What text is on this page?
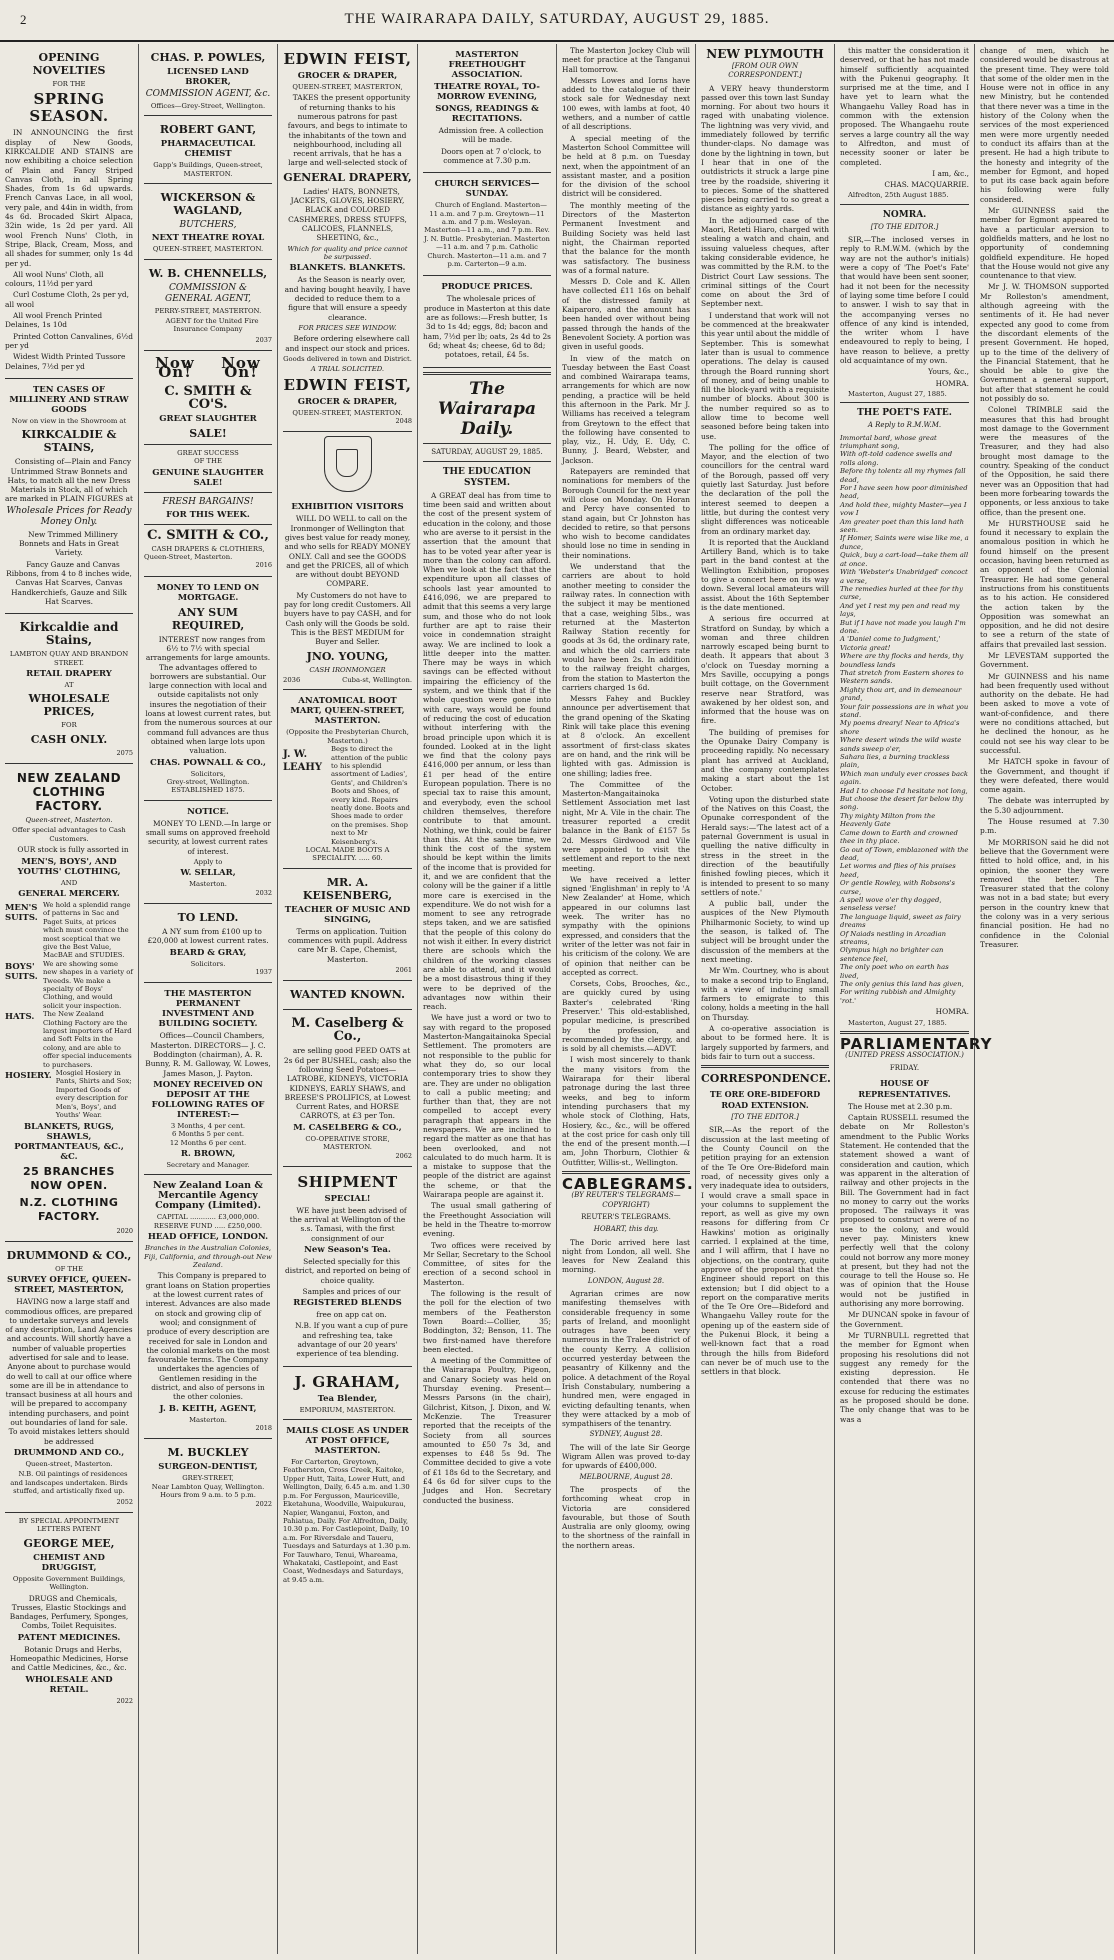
2	THE WAIRARAPA DAILY, SATURDAY, AUGUST 29, 1885.
OPENING NOVELTIES
FOR THE
SPRING SEASON.
IN ANNOUNCING the first display of New Goods, KIRKCALDIE AND STAINS are now exhibiting a choice selection of Plain and Fancy Striped Canvas Cloth, in all Spring Shades, from 1s 6d upwards. French Canvas Lace, in all wool, very pale, and 44in in width, from 4s 6d. Brocaded Skirt Alpaca, 32in wide, 1s 2d per yard. All wool French Nuns' Cloth, in Stripe, Black, Cream, Moss, and all shades for summer, only 1s 4d per yd.
All wool Nuns' Cloth, all colours, 11½d per yard
Curl Costume Cloth, 2s per yd, all wool
All wool French Printed Delaines, 1s 10d
Printed Cotton Canvalines, 6½d per yd
Widest Width Printed Tussore Delaines, 7½d per yd
TEN CASES OF MILLINERY AND STRAW GOODS
Now on view in the Showroom at
KIRKCALDIE & STAINS,
Consisting of—Plain and Fancy Untrimmed Straw Bonnets and Hats, to match all the new Dress Materials in Stock, all of which are marked in PLAIN FIGURES at
Wholesale Prices for Ready Money Only.
New Trimmed Millinery Bonnets and Hats in Great Variety.
Fancy Gauze and Canvas Ribbons, from 4 to 8 inches wide, Canvas Hat Scarves, Canvas Handkerchiefs, Gauze and Silk Hat Scarves.
Kirkcaldie and Stains,
LAMBTON QUAY AND BRANDON STREET.
RETAIL DRAPERY
AT
WHOLESALE PRICES,
FOR
CASH ONLY.
2075
NEW ZEALAND CLOTHING FACTORY.
Queen-street, Masterton.
Offer special advantages to Cash Customers.
OUR stock is fully assorted in
MEN'S, BOYS', AND YOUTHS' CLOTHING,
AND
GENERAL MERCERY.
MEN'S SUITS.
We hold a splendid range of patterns in Sac and Paget Suits, at prices which must convince the most sceptical that we give the Best Value, MacBAE and STUDIES.
BOYS' SUITS.
We are showing some new shapes in a variety of Tweeds. We make a specialty of Boys' Clothing, and would solicit your inspection.
HATS.	The New Zealand Clothing Factory are the largest importers of Hard and Soft Felts in the colony, and are able to offer special inducements to purchasers.
HOSIERY. Mosgiel Hosiery in Pants, Shirts and Sox; Imported Goods of every description for Men's, Boys', and Youths' Wear.
BLANKETS, RUGS, SHAWLS, PORTMANTEAUS, &C., &C.
25 BRANCHES NOW OPEN.
N.Z. CLOTHING FACTORY.
2020
DRUMMOND & CO.,
OF THE
SURVEY OFFICE, QUEEN-STREET, MASTERTON,
HAVING now a large staff and commodious offices, are prepared to undertake surveys and levels of any description, Land Agencies and accounts. Will shortly have a number of valuable properties advertised for sale and to lease. Anyone about to purchase would do well to call at our office where some are ill be in attendance to transact business at all hours and will be prepared to accompany intending purchasers, and point out boundaries of land for sale. To avoid mistakes letters should be addressed
DRUMMOND AND CO.,
Queen-street, Masterton.
N.B. Oil paintings of residences and landscapes undertaken. Birds stuffed, and artistically fixed up.
2052
BY SPECIAL APPOINTMENT LETTERS PATENT
GEORGE MEE,
CHEMIST AND DRUGGIST,
Opposite Government Buildings, Wellington.
DRUGS and Chemicals, Trusses, Elastic Stockings and Bandages, Perfumery, Sponges, Combs, Toilet Requisites.
PATENT MEDICINES.
Botanic Drugs and Herbs, Homeopathic Medicines, Horse and Cattle Medicines, &c., &c.
WHOLESALE AND RETAIL.
2022
CHAS. P. POWLES,
LICENSED LAND BROKER,
COMMISSION AGENT, &c.
Offices—Grey-Street, Wellington.
ROBERT GANT,
PHARMACEUTICAL CHEMIST
Gapp's Buildings, Queen-street,
MASTERTON.
WICKERSON & WAGLAND,
BUTCHERS,
NEXT THEATRE ROYAL
QUEEN-STREET, MASTERTON.
W. B. CHENNELLS,
COMMISSION & GENERAL AGENT,
PERRY-STREET, MASTERTON.
AGENT for the United Fire Insurance Company
2037
Now On!
Now On!
C. SMITH & CO'S.
GREAT SLAUGHTER
SALE!
GREAT SUCCESS
OF THE
GENUINE SLAUGHTER SALE!
FRESH BARGAINS!
FOR THIS WEEK.
C. SMITH & CO.,
CASH DRAPERS & CLOTHIERS,
Queen-Street, Masterton.
2016
MONEY TO LEND ON MORTGAGE.
ANY SUM REQUIRED,
INTEREST now ranges from 6½ to 7½ with special arrangements for large amounts. The advantages offered to borrowers are substantial. Our large connection with local and outside capitalists not only insures the negotiation of their loans at lowest current rates, but from the numerous sources at our command full advances are thus obtained when large lots upon valuation.
CHAS. POWNALL & CO.,
Solicitors,
Grey-street, Wellington.
ESTABLISHED 1875.
NOTICE.
MONEY TO LEND.—In large or small sums on approved freehold security, at lowest current rates of interest.
Apply to
W. SELLAR,
Masterton.
2032
TO LEND.
A NY sum from £100 up to £20,000 at lowest current rates.
BEARD & GRAY,
Solicitors.
1937
THE MASTERTON PERMANENT INVESTMENT AND BUILDING SOCIETY.
Offices—Council Chambers, Masterton. DIRECTORS— J. C. Boddington (chairman), A. R. Bunny, R. M. Galloway, W. Lowes, James Mason, J. Payton.
MONEY RECEIVED ON DEPOSIT AT THE FOLLOWING RATES OF INTEREST:—
3 Months, 4 per cent.
6 Months 5 per cent.
12 Months 6 per cent.
R. BROWN,
Secretary and Manager.
New Zealand Loan & Mercantile Agency Company (Limited).
CAPITAL ............ £3,000,000.
RESERVE FUND ..... £250,000.
HEAD OFFICE, LONDON.
Branches in the Australian Colonies, Fiji, California, and through-out New Zealand.
This Company is prepared to grant loans on Station properties at the lowest current rates of interest. Advances are also made on stock and growing clip of wool; and consignment of produce of every description are received for sale in London and the colonial markets on the most favourable terms. The Company undertakes the agencies of Gentlemen residing in the district, and also of persons in the other colonies.
J. B. KEITH, AGENT,
Masterton.
2018
M. BUCKLEY
SURGEON-DENTIST,
GREY-STREET,
Near Lambton Quay, Wellington. Hours from 9 a.m. to 5 p.m.
2022
EDWIN FEIST,
GROCER & DRAPER,
QUEEN-STREET, MASTERTON,
TAKES the present opportunity of returning thanks to his numerous patrons for past favours, and begs to intimate to the inhabitants of the town and neighbourhood, including all recent arrivals, that he has a large and well-selected stock of
GENERAL DRAPERY,
Ladies' HATS, BONNETS, JACKETS, GLOVES, HOSIERY, BLACK and COLORED CASHMERES, DRESS STUFFS, CALICOES, FLANNELS, SHEETING, &c.,
Which for quality and price cannot be surpassed.
BLANKETS. BLANKETS.
As the Season is nearly over, and having bought heavily, I have decided to reduce them to a figure that will ensure a speedy clearance.
FOR PRICES SEE WINDOW.
Before ordering elsewhere call and inspect our stock and prices.
Goods delivered in town and District.
A TRIAL SOLICITED.
EDWIN FEIST,
GROCER & DRAPER,
QUEEN-STREET, MASTERTON.
2048
EXHIBITION VISITORS
WILL DO WELL to call on the Ironmonger of Wellington that gives best value for ready money, and who sells for READY MONEY ONLY. Call and see the GOODS and get the PRICES, all of which are without doubt BEYOND COMPARE.
My Customers do not have to pay for long credit Customers. All buyers have to pay CASH, and for Cash only will the Goods be sold. This is the BEST MEDIUM for Buyer and Seller.
JNO. YOUNG,
CASH IRONMONGER
2036	Cuba-st, Wellington.
ANATOMICAL BOOT MART, QUEEN-STREET, MASTERTON.
(Opposite the Presbyterian Church, Masterton.)
J. W. LEAHY
Begs to direct the attention of the public to his splendid assortment of Ladies', Gents', and Children's Boots and Shoes, of every kind. Repairs neatly done. Boots and Shoes made to order on the premises. Shop next to Mr Keisenberg's.
LOCAL MADE BOOTS A SPECIALITY. ..... 60.
MR. A. KEISENBERG,
TEACHER OF MUSIC AND SINGING,
Terms on application. Tuition commences with pupil. Address care Mr B. Cape, Chemist, Masterton.
2061
WANTED KNOWN.
M. Caselberg & Co.,
are selling good FEED OATS at 2s 6d per BUSHEL, cash; also the following Seed Potatoes—LATROBE, KIDNEYS, VICTORIA KIDNEYS, EARLY SHAWS, and BREESE'S PROLIFICS, at Lowest Current Rates, and HORSE CARROTS, at £3 per Ton.
M. CASELBERG & CO.,
CO-OPERATIVE STORE,
MASTERTON.
2062
SHIPMENT
SPECIAL!
WE have just been advised of the arrival at Wellington of the s.s. Tamasi, with the first consignment of our
New Season's Tea.
Selected specially for this district, and reported on being of choice quality.
Samples and prices of our
REGISTERED BLENDS
free on app cat on.
N.B. If you want a cup of pure and refreshing tea, take advantage of our 20 years' experience of tea blending.
J. GRAHAM,
Tea Blender,
EMPORIUM, MASTERTON.
MAILS CLOSE AS UNDER AT POST OFFICE, MASTERTON.
For Carterton, Greytown, Featherston, Cross Creek, Kaitoke, Upper Hutt, Taita, Lower Hutt, and Wellington, Daily, 6.45 a.m. and 1.30 p.m. For Fergusson, Mauriceville, Eketahuna, Woodville, Waipukurau, Napier, Wanganui, Foxton, and Pahiatua, Daily. For Alfredton, Daily, 10.30 p.m. For Castlepoint, Daily, 10 a.m. For Riversdale and Taueru, Tuesdays and Saturdays at 1.30 p.m. For Tauwharo, Tenui, Whareama, Whakataki, Castlepoint, and East Coast, Wednesdays and Saturdays, at 9.45 a.m.
MASTERTON FREETHOUGHT ASSOCIATION.
THEATRE ROYAL, TO-MORROW EVENING,
SONGS, READINGS & RECITATIONS.
Admission free. A collection will be made.
Doors open at 7 o'clock, to commence at 7.30 p.m.
CHURCH SERVICES—SUNDAY.
Church of England. Masterton—11 a.m. and 7 p.m. Greytown—11 a.m. and 7 p.m. Wesleyan. Masterton—11 a.m., and 7 p.m. Rev. J. N. Buttle. Presbyterian. Masterton—11 a.m. and 7 p.m. Catholic Church. Masterton—11 a.m. and 7 p.m. Carterton—9 a.m.
PRODUCE PRICES.
The wholesale prices of produce in Masterton at this date are as follows:—Fresh butter, 1s 3d to 1s 4d; eggs, 8d; bacon and ham, 7½d per lb; oats, 2s 4d to 2s 6d; wheat 4s; cheese, 6d to 8d; potatoes, retail, £4 5s.
The Wairarapa Daily.
SATURDAY, AUGUST 29, 1885.
THE EDUCATION SYSTEM.
A GREAT deal has from time to time been said and written about the cost of the present system of education in the colony, and those who are averse to it persist in the assertion that the amount that has to be voted year after year is more than the colony can afford. When we look at the fact that the expenditure upon all classes of schools last year amounted to £416,096, we are prepared to admit that this seems a very large sum, and those who do not look further are apt to raise their voice in condemnation straight away. We are inclined to look a little deeper into the matter. There may be ways in which savings can be effected without impairing the efficiency of the system, and we think that if the whole question were gone into with care, ways would be found of reducing the cost of education without interfering with the broad principle upon which it is founded. Looked at in the light we find that the colony pays £416,000 per annum, or less than £1 per head of the entire European population. There is no special tax to raise this amount, and everybody, even the school children themselves, therefore contribute to that amount. Nothing, we think, could be fairer than this. At the same time, we think the cost of the system should be kept within the limits of the income that is provided for it, and we are confident that the colony will be the gainer if a little more care is exercised in the expenditure. We do not wish for a moment to see any retrograde steps taken, and we are satisfied that the people of this colony do not wish it either. In every district there are schools which the children of the working classes are able to attend, and it would be a most disastrous thing if they were to be deprived of the advantages now within their reach.
We have just a word or two to say with regard to the proposed Masterton-Mangaitainoka Special Settlement. The promoters are not responsible to the public for what they do, so our local contemporary tries to show they are. They are under no obligation to call a public meeting; and further than that, they are not compelled to accept every paragraph that appears in the newspapers. We are inclined to regard the matter as one that has been overlooked, and not calculated to do much harm. It is a mistake to suppose that the people of the district are against the scheme, or that the Wairarapa people are against it.
The usual small gathering of the Freethought Association will be held in the Theatre to-morrow evening.
Two offices were received by Mr Sellar, Secretary to the School Committee, of sites for the erection of a second school in Masterton.
The following is the result of the poll for the election of two members of the Featherston Town Board:—Collier, 35; Boddington, 32; Benson, 11. The two first-named have therefore been elected.
A meeting of the Committee of the Wairarapa Poultry, Pigeon, and Canary Society was held on Thursday evening. Present—Messrs Parsons (in the chair), Gilchrist, Kitson, J. Dixon, and W. McKenzie. The Treasurer reported that the receipts of the Society from all sources amounted to £50 7s 3d, and expenses to £48 5s 9d. The Committee decided to give a vote of £1 18s 6d to the Secretary, and £4 6s 6d for silver cups to the Judges and Hon. Secretary conducted the business.
The Masterton Jockey Club will meet for practice at the Tanganui Hall tomorrow.
Messrs Lowes and Iorns have added to the catalogue of their stock sale for Wednesday next 100 ewes, with lambs at foot, 40 wethers, and a number of cattle of all descriptions.
A special meeting of the Masterton School Committee will be held at 8 p.m. on Tuesday next, when the appointment of an assistant master, and a position for the division of the school district will be considered.
The monthly meeting of the Directors of the Masterton Permanent Investment and Building Society was held last night, the Chairman reported that the balance for the month was satisfactory. The business was of a formal nature.
Messrs D. Cole and K. Allen have collected £11 16s on behalf of the distressed family at Kaiparoro, and the amount has been handed over without being passed through the hands of the Benevolent Society. A portion was given in useful goods.
In view of the match on Tuesday between the East Coast and combined Wairarapa teams, arrangements for which are now pending, a practice will be held this afternoon in the Park. Mr J. Williams has received a telegram from Greytown to the effect that the following have consented to play, viz., H. Udy, E. Udy, C. Bunny, J. Beard, Webster, and Jackson.
Ratepayers are reminded that nominations for members of the Borough Council for the next year will close on Monday. On Horan and Percy have consented to stand again, but Cr Johnston has decided to retire, so that persons who wish to become candidates should lose no time in sending in their nominations.
We understand that the carriers are about to hold another meeting to consider the railway rates. In connection with the subject it may be mentioned that a case, weighing 5lbs., was returned at the Masterton Railway Station recently for goods at 3s 6d, the ordinary rate, and which the old carriers rate would have been 2s. In addition to the railway freight charges, from the station to Masterton the carriers charged 1s 6d.
Messrs Fahey and Buckley announce per advertisement that the grand opening of the Skating Rink will take place this evening at 8 o'clock. An excellent assortment of first-class skates are on hand, and the rink will be lighted with gas. Admission is one shilling; ladies free.
The Committee of the Masterton-Mangaitainoka Settlement Association met last night, Mr A. Vile in the chair. The treasurer reported a credit balance in the Bank of £157 5s 2d. Messrs Girdwood and Vile were appointed to visit the settlement and report to the next meeting.
We have received a letter signed 'Englishman' in reply to 'A New Zealander' at Home, which appeared in our columns last week. The writer has no sympathy with the opinions expressed, and considers that the writer of the letter was not fair in his criticism of the colony. We are of opinion that neither can be accepted as correct.
Corsets, Cobs, Brooches, &c., are quickly cured by using Baxter's celebrated 'Ring Preserver.' This old-established, popular medicine, is prescribed by the profession, and recommended by the clergy, and is sold by all chemists.—ADVT.
I wish most sincerely to thank the many visitors from the Wairarapa for their liberal patronage during the last three weeks, and beg to inform intending purchasers that my whole stock of Clothing, Hats, Hosiery, &c., &c., will be offered at the cost price for cash only till the end of the present month.—I am, John Thorburn, Clothier & Outfitter, Willis-st., Wellington.
CABLEGRAMS.
(BY REUTER'S TELEGRAMS—COPYRIGHT)
REUTER'S TELEGRAMS.
HOBART, this day.
The Doric arrived here last night from London, all well. She leaves for New Zealand this morning.
LONDON, August 28.
Agrarian crimes are now manifesting themselves with considerable frequency in some parts of Ireland, and moonlight outrages have been very numerous in the Tralee district of the county Kerry. A collision occurred yesterday between the peasantry of Kilkenny and the police. A detachment of the Royal Irish Constabulary, numbering a hundred men, were engaged in evicting defaulting tenants, when they were attacked by a mob of sympathisers of the tenantry.
SYDNEY, August 28.
The will of the late Sir George Wigram Allen was proved to-day for upwards of £400,000.
MELBOURNE, August 28.
The prospects of the forthcoming wheat crop in Victoria are considered favourable, but those of South Australia are only gloomy, owing to the shortness of the rainfall in the northern areas.
NEW PLYMOUTH
[FROM OUR OWN CORRESPONDENT.]
A VERY heavy thunderstorm passed over this town last Sunday morning. For about two hours it raged with unabating violence. The lightning was very vivid, and immediately followed by terrific thunder-claps. No damage was done by the lightning in town, but I hear that in one of the outdistricts it struck a large pine tree by the roadside, shivering it to pieces. Some of the shattered pieces being carried to so great a distance as eighty yards.
In the adjourned case of the Maori, Reteti Hiaro, charged with stealing a watch and chain, and issuing valueless cheques, after taking considerable evidence, he was committed by the R.M. to the District Court Law sessions. The criminal sittings of the Court come on about the 3rd of September next.
I understand that work will not be commenced at the breakwater this year until about the middle of September. This is somewhat later than is usual to commence operations. The delay is caused through the Board running short of money, and of being unable to fill the block-yard with a requisite number of blocks. About 300 is the number required so as to allow time to become well seasoned before being taken into use.
The polling for the office of Mayor, and the election of two councillors for the central ward of the Borough, passed off very quietly last Saturday. Just before the declaration of the poll the interest seemed to deepen a little, but during the contest very slight differences was noticeable from an ordinary market day.
It is reported that the Auckland Artillery Band, which is to take part in the band contest at the Wellington Exhibition, proposes to give a concert here on its way down. Several local amateurs will assist. About the 16th September is the date mentioned.
A serious fire occurred at Stratford on Sunday, by which a woman and three children narrowly escaped being burnt to death. It appears that about 3 o'clock on Tuesday morning a Mrs Saville, occupying a pongs built cottage, on the Government reserve near Stratford, was awakened by her oldest son, and informed that the house was on fire.
The building of premises for the Opunake Dairy Company is proceeding rapidly. No necessary plant has arrived at Auckland, and the company contemplates making a start about the 1st October.
Voting upon the disturbed state of the Natives on this Coast, the Opunake correspondent of the Herald says:—'The latest act of a paternal Government is usual in quelling the native difficulty in stress in the street in the direction of the beautifully finished fowling pieces, which it is intended to present to so many settlers of note.'
A public ball, under the auspices of the New Plymouth Philharmonic Society, to wind up the season, is talked of. The subject will be brought under the discussion of the members at the next meeting.
Mr Wm. Courtney, who is about to make a second trip to England, with a view of inducing small farmers to emigrate to this colony, holds a meeting in the hall on Thursday.
A co-operative association is about to be formed here. It is largely supported by farmers, and bids fair to turn out a success.
CORRESPONDENCE.
TE ORE ORE-BIDEFORD ROAD EXTENSION.
[TO THE EDITOR.]
SIR,—As the report of the discussion at the last meeting of the County Council on the petition praying for an extension of the Te Ore Ore-Bideford main road, of necessity gives only a very inadequate idea to outsiders, I would crave a small space in your columns to supplement the report, as well as give my own reasons for differing from Cr Hawkins' motion as originally carried. I explained at the time, and I will affirm, that I have no objections, on the contrary, quite approve of the proposal that the Engineer should report on this extension; but I did object to a report on the comparative merits of the Te Ore Ore—Bideford and Whangaehu Valley route for the opening up of the eastern side of the Pukenui Block, it being a well-known fact that a road through the hills from Bideford can never be of much use to the settlers in that block.
this matter the consideration it deserved, or that he has not made himself sufficiently acquainted with the Pukenui geography. It surprised me at the time, and I have yet to learn what the Whangaehu Valley Road has in common with the extension proposed. The Whangaehu route serves a large country all the way to Alfredton, and must of necessity sooner or later be completed.
I am, &c.,
CHAS. MACQUARRIE.
Alfredton, 25th August 1885.
NOMRA.
[TO THE EDITOR.]
SIR,—The inclosed verses in reply to R.M.W.M. (which by the way are not the author's initials) were a copy of 'The Poet's Fate' that would have been sent sooner, had it not been for the necessity of laying some time before I could to answer. I wish to say that in the accompanying verses no offence of any kind is intended, the writer whom I have endeavoured to reply to being, I have reason to believe, a pretty old acquaintance of my own.
Yours, &c.,
HOMRA.
Masterton, August 27, 1885.
THE POET'S FATE.
A Reply to R.M.W.M.
Immortal bard, whose great triumphant song,
With oft-told cadence swells and rolls along.
Before thy tolentz all my rhymes fall dead,
For I have seen how poor diminished head,
And hold thee, mighty Master—yea I vow I
Am greater poet than this land hath seen.
If Homer, Saints were wise like me, a dunce,
Quick, buy a cart-load—take them all at once.
With 'Webster's Unabridged' concoct a verse,
The remedies hurled at thee for thy curse,
And yet I rest my pen and read my lays,
But if I have not made you laugh I'm done.
A 'Daniel come to Judgment,' Victoria great!
Where are thy flocks and herds, thy boundless lands
That stretch from Eastern shores to Western sands.
Mighty thou art, and in demeanour grand,
Your fair possessions are in what you stand.
My poems dreary! Near to Africa's shore
Where desert winds the wild waste sands sweep o'er,
Sahara lies, a burning trackless plain,
Which man unduly ever crosses back again.
Had I to choose I'd hesitate not long,
But choose the desert far below thy song.
Thy mighty Milton from the Heavenly Gate
Came down to Earth and crowned thee in thy place.
Go out of Town, emblazoned with the dead,
Let worms and flies of his praises heed,
Or gentle Rowley, with Robsons's curse,
A spell wove o'er thy dogged, senseless verse!
The language liquid, sweet as fairy dreams
Of Naiads nestling in Arcadian streams,
Olympus high no brighter can sentence feel,
The only poet who on earth has lived,
The only genius this land has given,
For writing rubbish and Almighty 'rot.'
HOMRA.
Masterton, August 27, 1885.
PARLIAMENTARY
(UNITED PRESS ASSOCIATION.)
FRIDAY.
HOUSE OF REPRESENTATIVES.
The House met at 2.30 p.m.
Captain RUSSELL resumed the debate on Mr Rolleston's amendment to the Public Works Statement. He contended that the statement showed a want of consideration and caution, which was apparent in the alteration of railway and other projects in the Bill. The Government had in fact no money to carry out the works proposed. The railways it was proposed to construct were of no use to the colony, and would never pay. Ministers knew perfectly well that the colony could not borrow any more money at present, but they had not the courage to tell the House so. He was of opinion that the House would not be justified in authorising any more borrowing.
Mr DUNCAN spoke in favour of the Government.
Mr TURNBULL regretted that the member for Egmont when proposing his resolutions did not suggest any remedy for the existing depression. He contended that there was no excuse for reducing the estimates as he proposed should be done. The only change that was to be was a
change of men, which he considered would be disastrous at the present time. They were told that some of the older men in the House were not in office in any new Ministry, but he contended that there never was a time in the history of the Colony when the services of the most experienced men were more urgently needed to conduct its affairs than at the present. He had a high tribute to the honesty and integrity of the member for Egmont, and hoped to put its case back again before his following were fully considered.
Mr GUINNESS said the member for Egmont appeared to have a particular aversion to goldfields matters, and he lost no opportunity of condemning goldfield expenditure. He hoped that the House would not give any countenance to that view.
Mr J. W. THOMSON supported Mr Rolleston's amendment, although agreeing with the sentiments of it. He had never expected any good to come from the discordant elements of the present Government. He hoped, up to the time of the delivery of the Financial Statement, that he should be able to give the Government a general support, but after that statement he could not possibly do so.
Colonel TRIMBLE said the measures that this had brought most damage to the Government were the measures of the Treasurer, and they had also brought most damage to the country. Speaking of the conduct of the Opposition, he said there never was an Opposition that had been more forbearing towards the opponents, or less anxious to take office, than the present one.
Mr HURSTHOUSE said he found it necessary to explain the anomalous position in which he found himself on the present occasion, having been returned as an opponent of the Colonial Treasurer. He had some general instructions from his constituents as to his action. He considered the action taken by the Opposition was somewhat an opposition, and he did not desire to see a return of the state of affairs that prevailed last session.
Mr LEVESTAM supported the Government.
Mr GUINNESS and his name had been frequently used without authority on the debate. He had been asked to move a vote of want-of-confidence, and there were no conditions attached, but he declined the honour, as he could not see his way clear to be successful.
Mr HATCH spoke in favour of the Government, and thought if they were defeated, there would come again.
The debate was interrupted by the 5.30 adjournment.
The House resumed at 7.30 p.m.
Mr MORRISON said he did not believe that the Government were fitted to hold office, and, in his opinion, the sooner they were removed the better. The Treasurer stated that the colony was not in a bad state; but every person in the country knew that the colony was in a very serious financial position. He had no confidence in the Colonial Treasurer.
